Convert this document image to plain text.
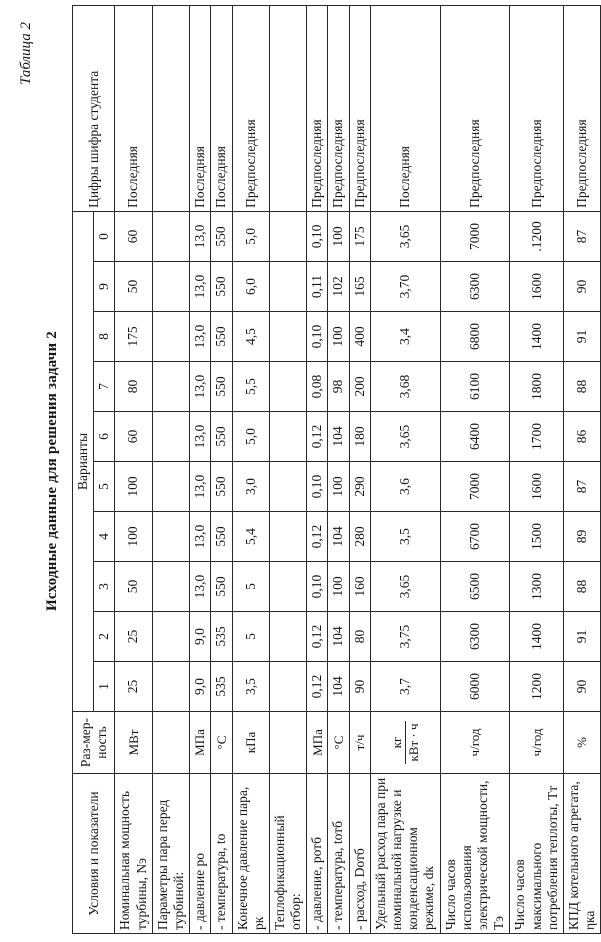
Таблица 2
Исходные данные для решения задачи 2
Условия и показатели	Раз-мер-ность	Варианты										Цифры шифра студента
		1	2	3	4	5	6	7	8	9	0	
Номинальная мощность турбины, Nэ	МВт	25	25	50	100	100	60	80	175	50	60	Последняя
Параметры пара перед турбиной:												
- давление pо	МПа	9,0	9,0	13,0	13,0	13,0	13,0	13,0	13,0	13,0	13,0	Последняя
- температура, tо	°С	535	535	550	550	550	550	550	550	550	550	Последняя
Конечное давление пара, pк	кПа	3,5	5	5	5,4	3,0	5,0	5,5	4,5	6,0	5,0	Предпоследняя
Теплофикационный отбор:												
- давление, pотб	МПа	0,12	0,12	0,10	0,12	0,10	0,12	0,08	0,10	0,11	0,10	Предпоследняя
- температура, tотб	°С	104	104	100	104	100	104	98	100	102	100	Предпоследняя
- расход, Dотб	т/ч	90	80	160	280	290	180	200	400	165	175	Предпоследняя
Удельный расход пара при номинальной нагрузке и конденсационном режиме, dк	кг кВт · ч	3,7	3,75	3,65	3,5	3,6	3,65	3,68	3,4	3,70	3,65	Последняя
Число часов использования электрической мощности, Tэ	ч/год	6000	6300	6500	6700	7000	6400	6100	6800	6300	7000	Предпоследняя
Число часов максимального потребления теплоты, Tт	ч/год	1200	1400	1300	1500	1600	1700	1800	1400	1600	.1200	Предпоследняя
КПД котельного агрегата, ηка	%	90	91	88	89	87	86	88	91	90	87	Предпоследняя
